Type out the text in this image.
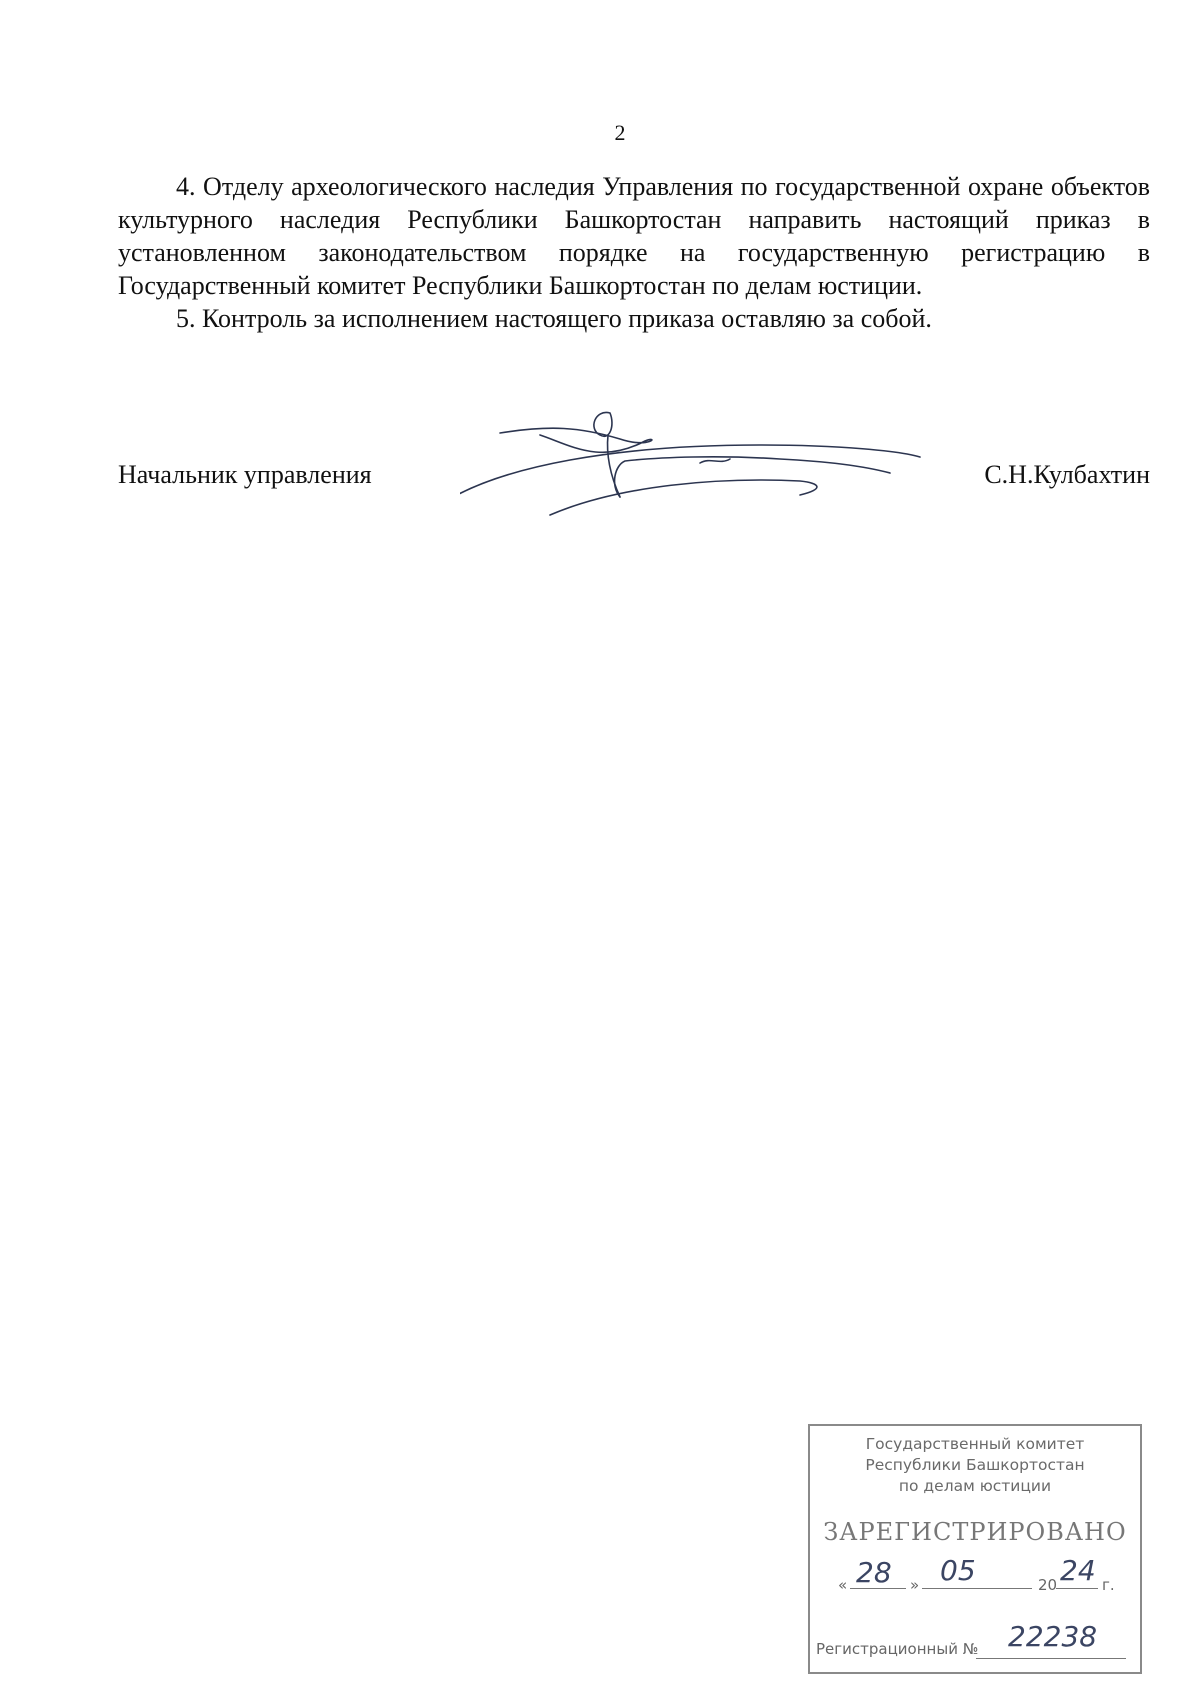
2

4. Отделу археологического наследия Управления по государственной охране объектов культурного наследия Республики Башкортостан направить настоящий приказ в установленном законодательством порядке на государственную регистрацию в Государственный комитет Республики Башкортостан по делам юстиции.

5. Контроль за исполнением настоящего приказа оставляю за собой.

Начальник управления	С.Н.Кулбахтин
Государственный комитет
Республики Башкортостан
по делам юстиции
ЗАРЕГИСТРИРОВАНО
« 28 » 05	20 24 г.
Регистрационный № 22238
